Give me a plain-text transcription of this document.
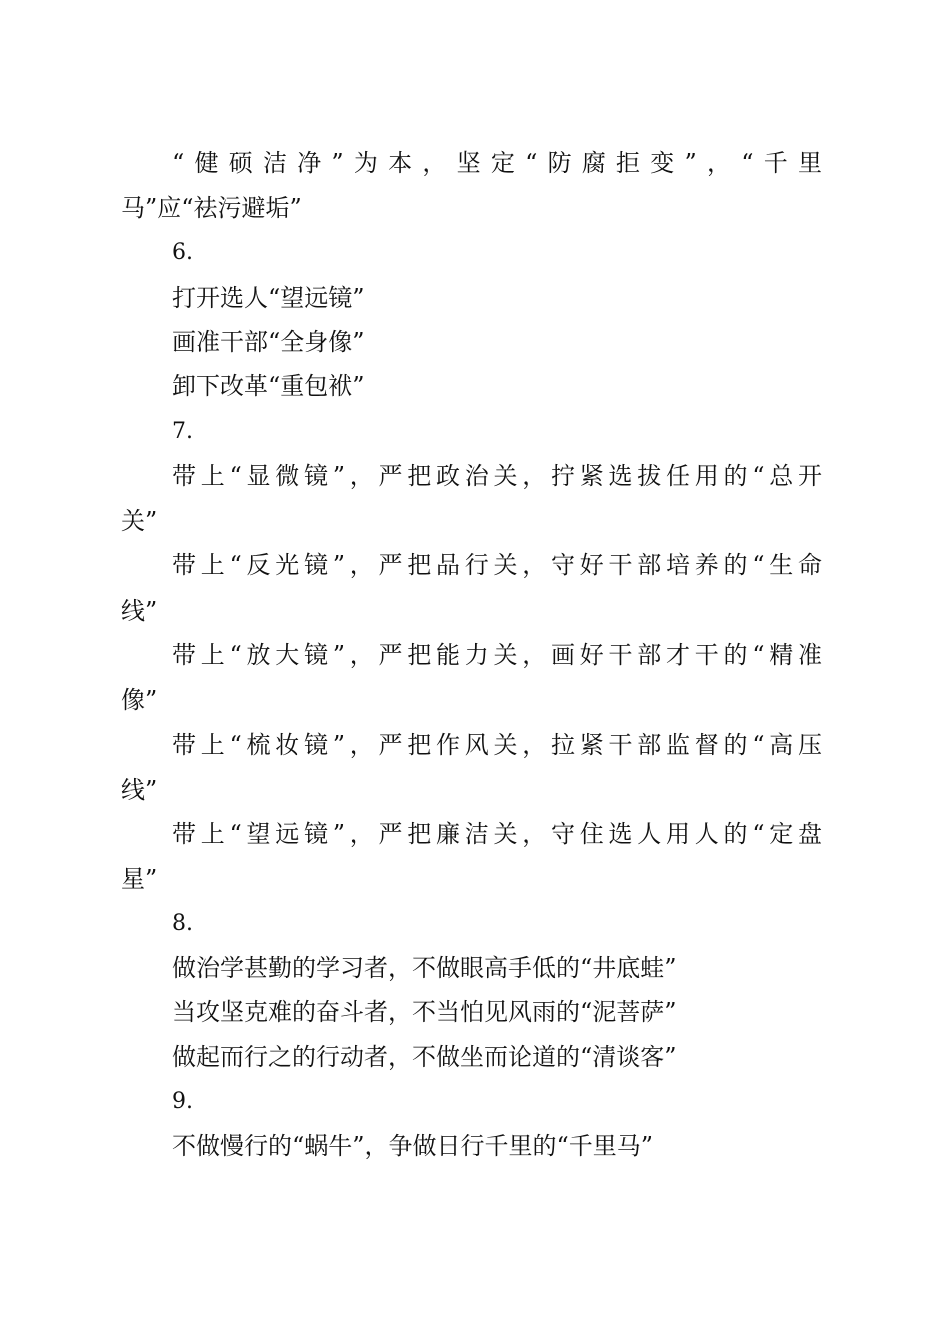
“健硕洁净”为本，坚定“防腐拒变”，“千里
马”应“祛污避垢”
6.
打开选人“望远镜”
画准干部“全身像”
卸下改革“重包袱”
7.
带上“显微镜”，严把政治关，拧紧选拔任用的“总开
关”
带上“反光镜”，严把品行关，守好干部培养的“生命
线”
带上“放大镜”，严把能力关，画好干部才干的“精准
像”
带上“梳妆镜”，严把作风关，拉紧干部监督的“高压
线”
带上“望远镜”，严把廉洁关，守住选人用人的“定盘
星”
8.
做治学甚勤的学习者，不做眼高手低的“井底蛙”
当攻坚克难的奋斗者，不当怕见风雨的“泥菩萨”
做起而行之的行动者，不做坐而论道的“清谈客”
9.
不做慢行的“蜗牛”，争做日行千里的“千里马”
